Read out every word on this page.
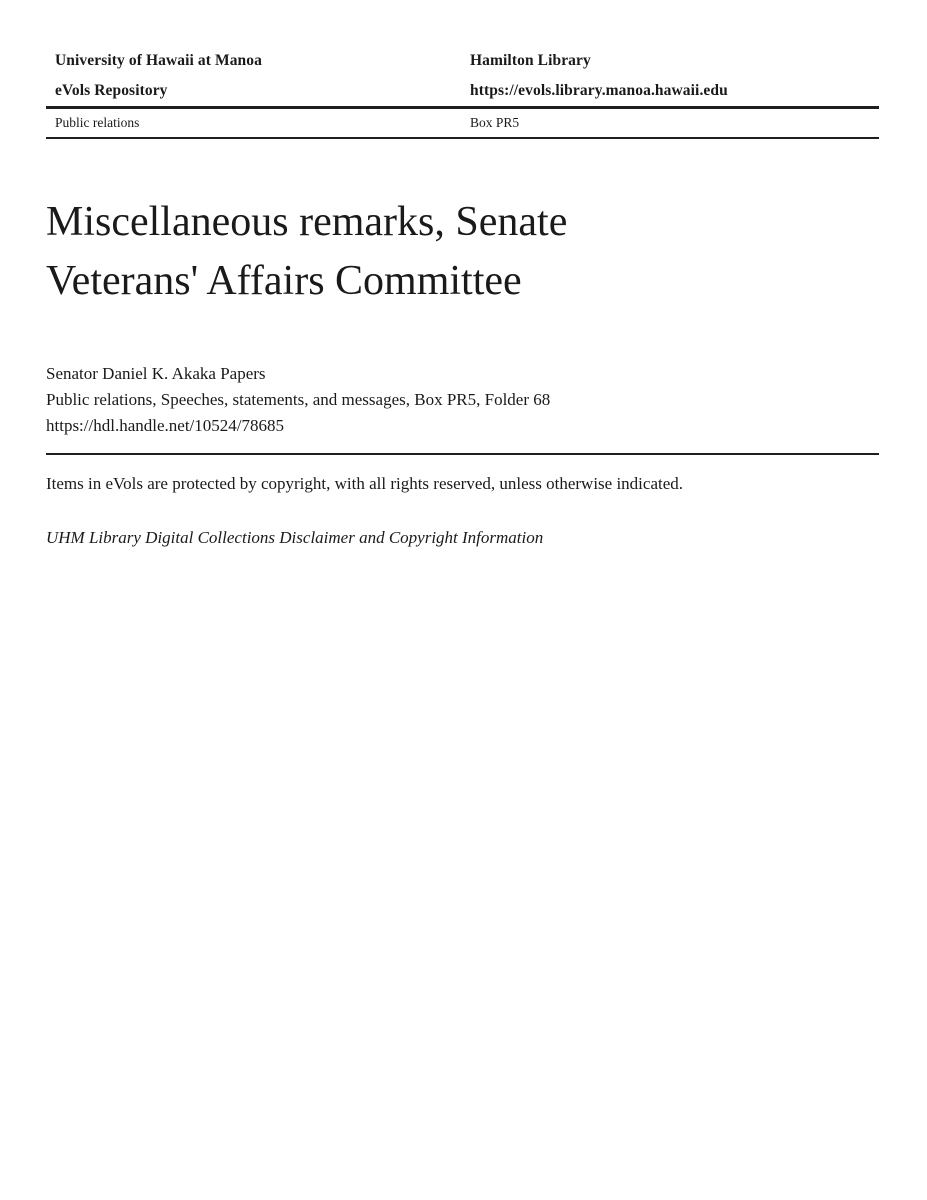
University of Hawaii at Manoa	Hamilton Library
eVols Repository	https://evols.library.manoa.hawaii.edu
Public relations	Box PR5
Miscellaneous remarks, Senate Veterans' Affairs Committee
Senator Daniel K. Akaka Papers
Public relations, Speeches, statements, and messages, Box PR5, Folder 68
https://hdl.handle.net/10524/78685

Items in eVols are protected by copyright, with all rights reserved, unless otherwise indicated.

UHM Library Digital Collections Disclaimer and Copyright Information
